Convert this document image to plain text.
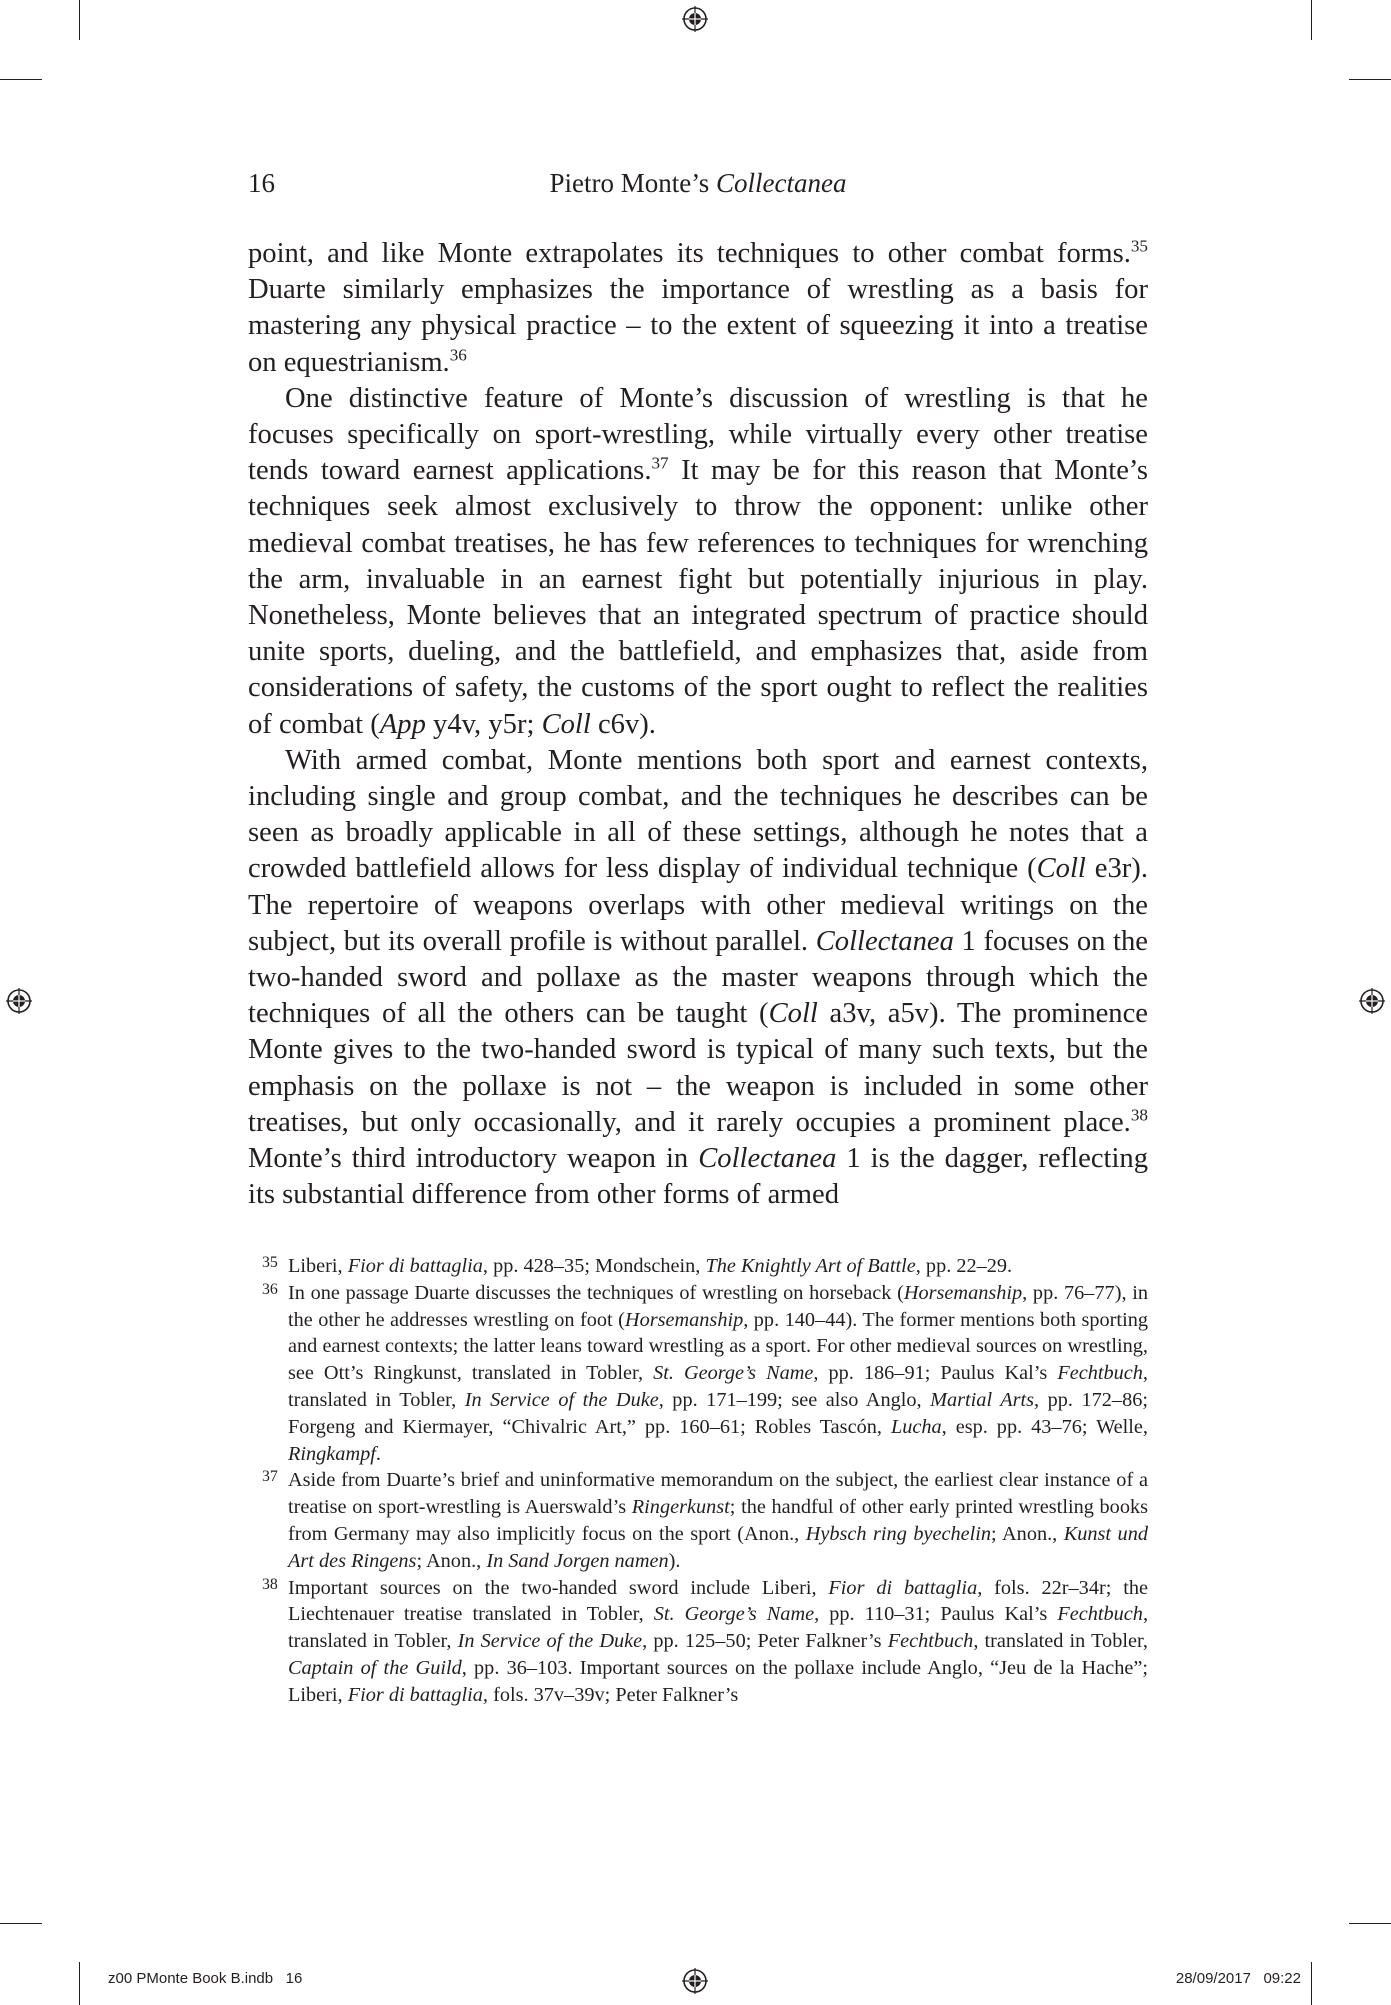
16	Pietro Monte’s Collectanea

point, and like Monte extrapolates its techniques to other combat forms.$^{35}$ Duarte similarly emphasizes the importance of wrestling as a basis for mastering any physical practice – to the extent of squeezing it into a treatise on equestrianism.$^{36}$

One distinctive feature of Monte’s discussion of wrestling is that he focuses specifically on sport-wrestling, while virtually every other treatise tends toward earnest applications.$^{37}$ It may be for this reason that Monte’s techniques seek almost exclusively to throw the opponent: unlike other medieval combat treatises, he has few references to techniques for wrenching the arm, invaluable in an earnest fight but potentially injurious in play. Nonetheless, Monte believes that an integrated spectrum of practice should unite sports, dueling, and the battlefield, and emphasizes that, aside from considerations of safety, the customs of the sport ought to reflect the realities of combat (App y4v, y5r; Coll c6v).

With armed combat, Monte mentions both sport and earnest contexts, including single and group combat, and the techniques he describes can be seen as broadly applicable in all of these settings, although he notes that a crowded battlefield allows for less display of individual technique (Coll e3r). The repertoire of weapons overlaps with other medieval writings on the subject, but its overall profile is without parallel. Collectanea 1 focuses on the two-handed sword and pollaxe as the master weapons through which the techniques of all the others can be taught (Coll a3v, a5v). The prominence Monte gives to the two-handed sword is typical of many such texts, but the emphasis on the pollaxe is not – the weapon is included in some other treatises, but only occasionally, and it rarely occupies a prominent place.$^{38}$ Monte’s third introductory weapon in Collectanea 1 is the dagger, reflecting its substantial difference from other forms of armed

35 Liberi, Fior di battaglia, pp. 428–35; Mondschein, The Knightly Art of Battle, pp. 22–29.

36 In one passage Duarte discusses the techniques of wrestling on horseback (Horsemanship, pp. 76–77), in the other he addresses wrestling on foot (Horsemanship, pp. 140–44). The former mentions both sporting and earnest contexts; the latter leans toward wrestling as a sport. For other medieval sources on wrestling, see Ott’s Ringkunst, translated in Tobler, St. George’s Name, pp. 186–91; Paulus Kal’s Fechtbuch, translated in Tobler, In Service of the Duke, pp. 171–199; see also Anglo, Martial Arts, pp. 172–86; Forgeng and Kiermayer, “Chivalric Art,” pp. 160–61; Robles Tascón, Lucha, esp. pp. 43–76; Welle, Ringkampf.

37 Aside from Duarte’s brief and uninformative memorandum on the subject, the earliest clear instance of a treatise on sport-wrestling is Auerswald’s Ringerkunst; the handful of other early printed wrestling books from Germany may also implicitly focus on the sport (Anon., Hybsch ring byechelin; Anon., Kunst und Art des Ringens; Anon., In Sand Jorgen namen).

38 Important sources on the two-handed sword include Liberi, Fior di battaglia, fols. 22r–34r; the Liechtenauer treatise translated in Tobler, St. George’s Name, pp. 110–31; Paulus Kal’s Fechtbuch, translated in Tobler, In Service of the Duke, pp. 125–50; Peter Falkner’s Fechtbuch, translated in Tobler, Captain of the Guild, pp. 36–103. Important sources on the pollaxe include Anglo, “Jeu de la Hache”; Liberi, Fior di battaglia, fols. 37v–39v; Peter Falkner’s

z00 PMonte Book B.indb   16	28/09/2017   09:22
